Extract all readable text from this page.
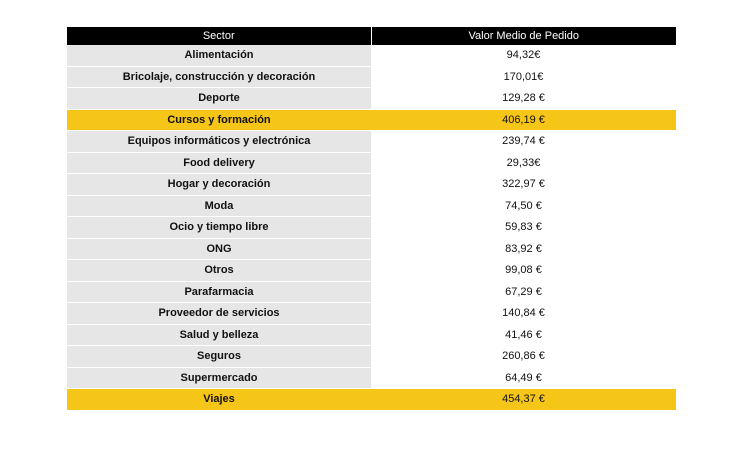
Sector	Valor Medio de Pedido
Alimentación	94,32€
Bricolaje, construcción y decoración	170,01€
Deporte	129,28 €
Cursos y formación	406,19 €
Equipos informáticos y electrónica	239,74 €
Food delivery	29,33€
Hogar y decoración	322,97 €
Moda	74,50 €
Ocio y tiempo libre	59,83 €
ONG	83,92 €
Otros	99,08 €
Parafarmacia	67,29 €
Proveedor de servicios	140,84 €
Salud y belleza	41,46 €
Seguros	260,86 €
Supermercado	64,49 €
Viajes	454,37 €
